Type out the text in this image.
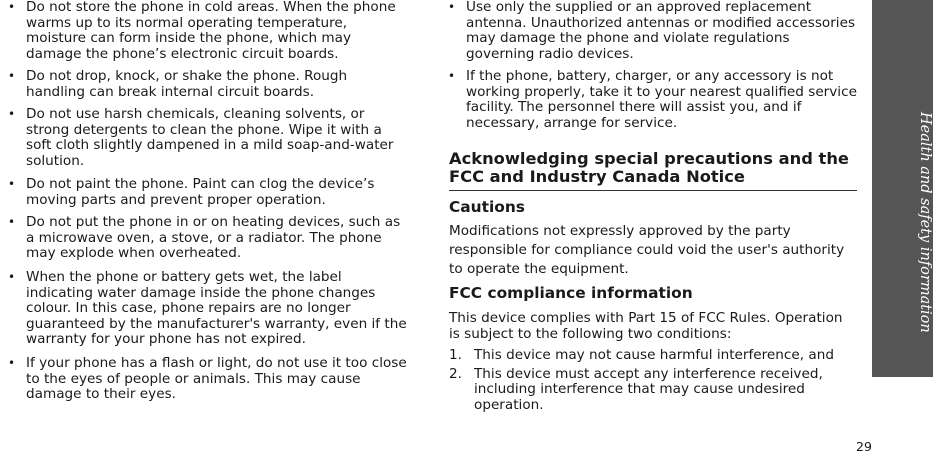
• Do not store the phone in cold areas. When the phone warms up to its normal operating temperature, moisture can form inside the phone, which may damage the phone’s electronic circuit boards.
• Do not drop, knock, or shake the phone. Rough handling can break internal circuit boards.
• Do not use harsh chemicals, cleaning solvents, or strong detergents to clean the phone. Wipe it with a soft cloth slightly dampened in a mild soap-and-water solution.
• Do not paint the phone. Paint can clog the device’s moving parts and prevent proper operation.
• Do not put the phone in or on heating devices, such as a microwave oven, a stove, or a radiator. The phone may explode when overheated.
• When the phone or battery gets wet, the label indicating water damage inside the phone changes colour. In this case, phone repairs are no longer guaranteed by the manufacturer's warranty, even if the warranty for your phone has not expired.
• If your phone has a flash or light, do not use it too close to the eyes of people or animals. This may cause damage to their eyes.
• Use only the supplied or an approved replacement antenna. Unauthorized antennas or modified accessories may damage the phone and violate regulations governing radio devices.
• If the phone, battery, charger, or any accessory is not working properly, take it to your nearest qualified service facility. The personnel there will assist you, and if necessary, arrange for service.
Acknowledging special precautions and the FCC and Industry Canada Notice
Cautions

Modifications not expressly approved by the party responsible for compliance could void the user's authority to operate the equipment.

FCC compliance information

This device complies with Part 15 of FCC Rules. Operation is subject to the following two conditions:

1. This device may not cause harmful interference, and
2. This device must accept any interference received, including interference that may cause undesired operation.
Health and safety information
29
